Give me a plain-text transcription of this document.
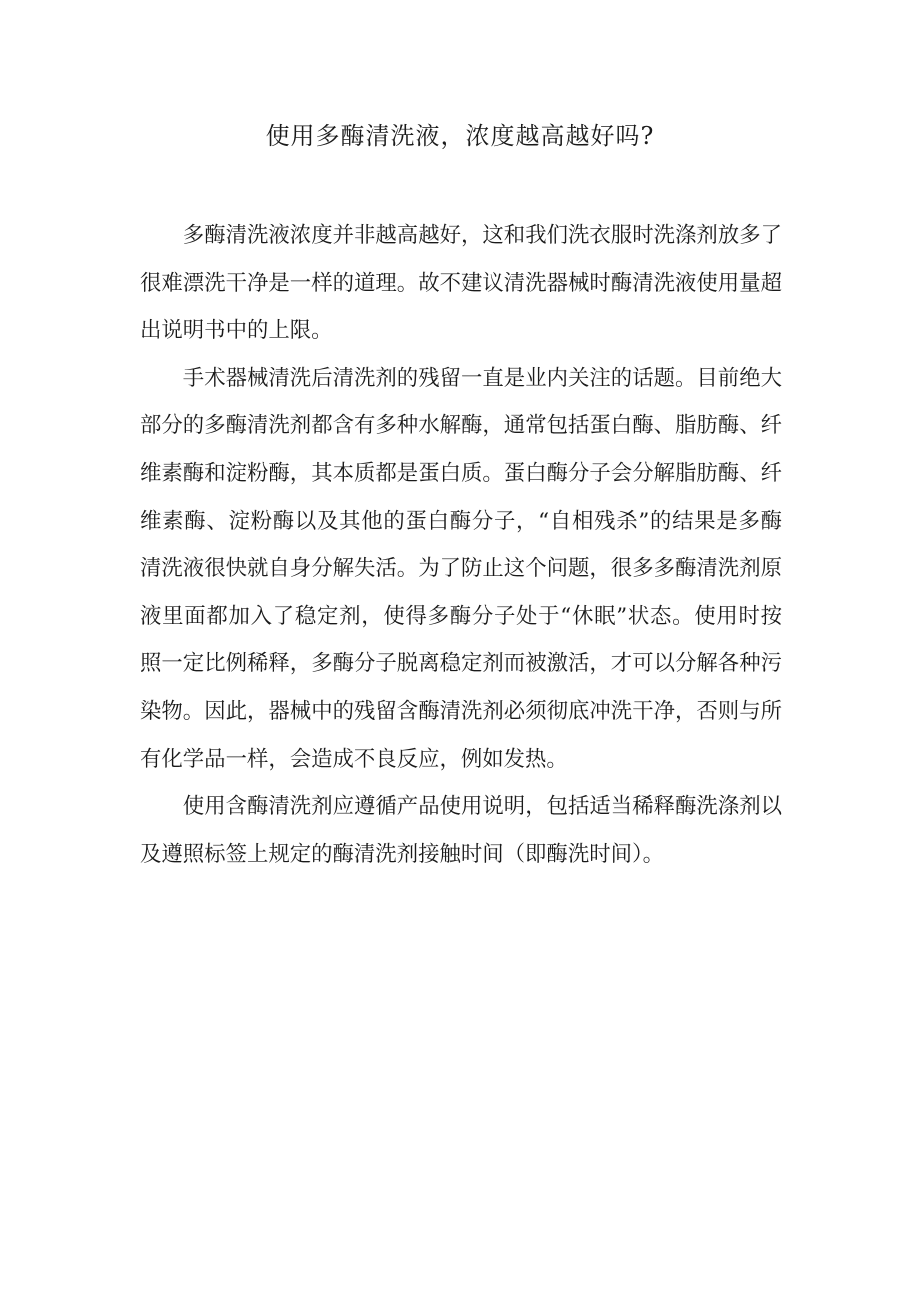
使用多酶清洗液，浓度越高越好吗?

多酶清洗液浓度并非越高越好，这和我们洗衣服时洗涤剂放多了很难漂洗干净是一样的道理。故不建议清洗器械时酶清洗液使用量超出说明书中的上限。

手术器械清洗后清洗剂的残留一直是业内关注的话题。目前绝大部分的多酶清洗剂都含有多种水解酶，通常包括蛋白酶、脂肪酶、纤维素酶和淀粉酶，其本质都是蛋白质。蛋白酶分子会分解脂肪酶、纤维素酶、淀粉酶以及其他的蛋白酶分子，“自相残杀”的结果是多酶清洗液很快就自身分解失活。为了防止这个问题，很多多酶清洗剂原液里面都加入了稳定剂，使得多酶分子处于“休眠”状态。使用时按照一定比例稀释，多酶分子脱离稳定剂而被激活，才可以分解各种污染物。因此，器械中的残留含酶清洗剂必须彻底冲洗干净，否则与所有化学品一样，会造成不良反应，例如发热。

使用含酶清洗剂应遵循产品使用说明，包括适当稀释酶洗涤剂以及遵照标签上规定的酶清洗剂接触时间（即酶洗时间）。
